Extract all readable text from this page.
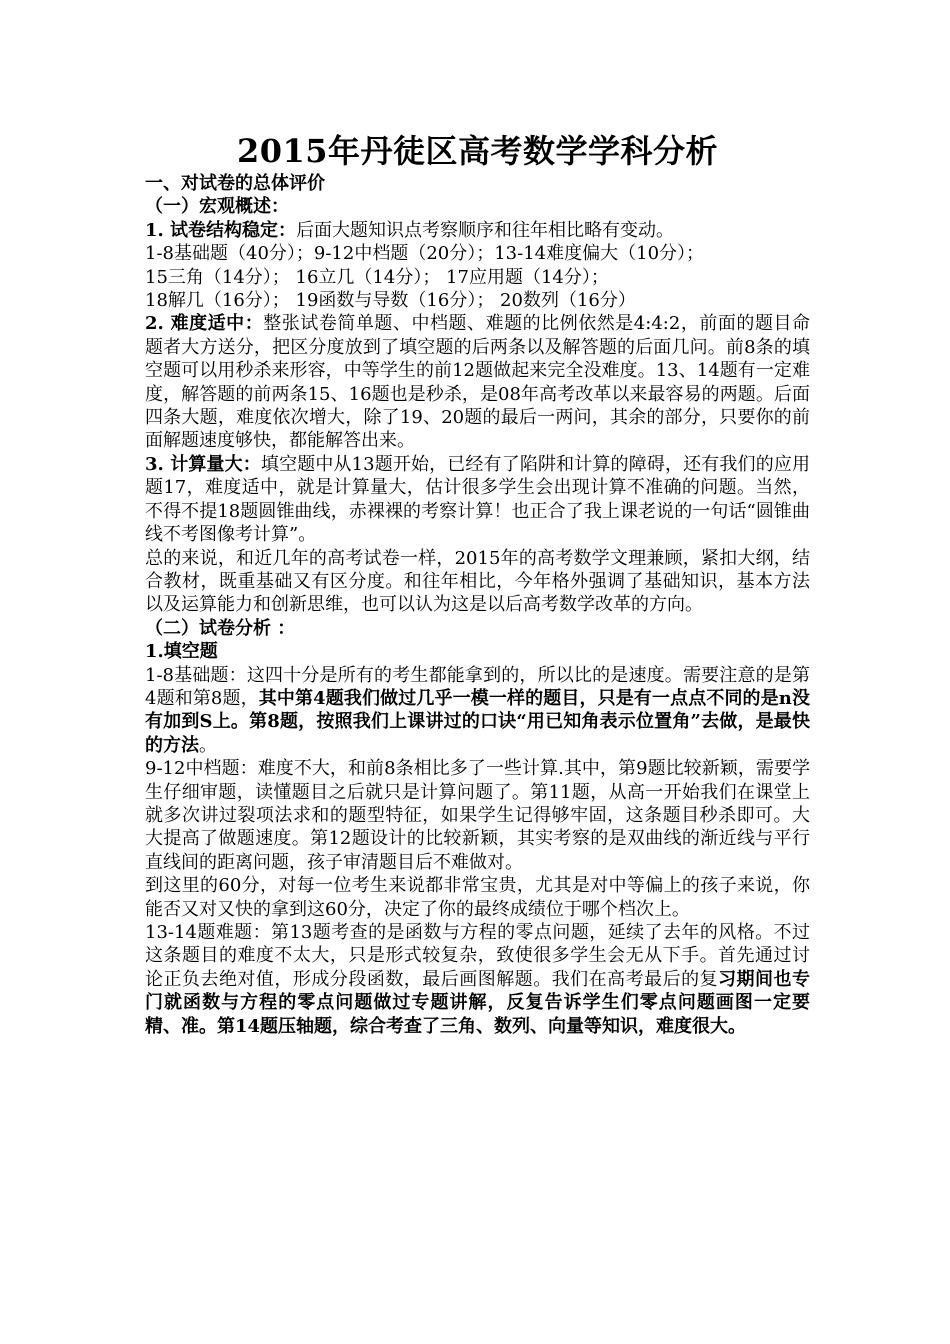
2015年丹徒区高考数学学科分析

一、对试卷的总体评价

（一）宏观概述：

1. 试卷结构稳定：后面大题知识点考察顺序和往年相比略有变动。

1-8基础题（40分）；9-12中档题（20分）；13-14难度偏大（10分）；

15三角（14分）； 16立几（14分）； 17应用题（14分）；

18解几（16分）； 19函数与导数（16分）； 20数列（16分）

2. 难度适中：整张试卷简单题、中档题、难题的比例依然是4:4:2，前面的题目命题者大方送分，把区分度放到了填空题的后两条以及解答题的后面几问。前8条的填空题可以用秒杀来形容，中等学生的前12题做起来完全没难度。13、14题有一定难度，解答题的前两条15、16题也是秒杀，是08年高考改革以来最容易的两题。后面四条大题，难度依次增大，除了19、20题的最后一两问，其余的部分，只要你的前面解题速度够快，都能解答出来。

3. 计算量大：填空题中从13题开始，已经有了陷阱和计算的障碍，还有我们的应用题17，难度适中，就是计算量大，估计很多学生会出现计算不准确的问题。当然，不得不提18题圆锥曲线，赤裸裸的考察计算！也正合了我上课老说的一句话“圆锥曲线不考图像考计算”。

总的来说，和近几年的高考试卷一样，2015年的高考数学文理兼顾，紧扣大纲，结合教材，既重基础又有区分度。和往年相比，今年格外强调了基础知识，基本方法以及运算能力和创新思维，也可以认为这是以后高考数学改革的方向。

（二）试卷分析 ：

1.填空题

1-8基础题：这四十分是所有的考生都能拿到的，所以比的是速度。需要注意的是第4题和第8题，其中第4题我们做过几乎一模一样的题目，只是有一点点不同的是n没有加到S上。第8题，按照我们上课讲过的口诀“用已知角表示位置角”去做，是最快的方法。

9-12中档题：难度不大，和前8条相比多了一些计算.其中，第9题比较新颖，需要学生仔细审题，读懂题目之后就只是计算问题了。第11题，从高一开始我们在课堂上就多次讲过裂项法求和的题型特征，如果学生记得够牢固，这条题目秒杀即可。大大提高了做题速度。第12题设计的比较新颖，其实考察的是双曲线的渐近线与平行直线间的距离问题，孩子审清题目后不难做对。

到这里的60分，对每一位考生来说都非常宝贵，尤其是对中等偏上的孩子来说，你能否又对又快的拿到这60分，决定了你的最终成绩位于哪个档次上。

13-14题难题：第13题考查的是函数与方程的零点问题，延续了去年的风格。不过这条题目的难度不太大，只是形式较复杂，致使很多学生会无从下手。首先通过讨论正负去绝对值，形成分段函数，最后画图解题。我们在高考最后的复习期间也专门就函数与方程的零点问题做过专题讲解，反复告诉学生们零点问题画图一定要精、准。第14题压轴题，综合考查了三角、数列、向量等知识，难度很大。
